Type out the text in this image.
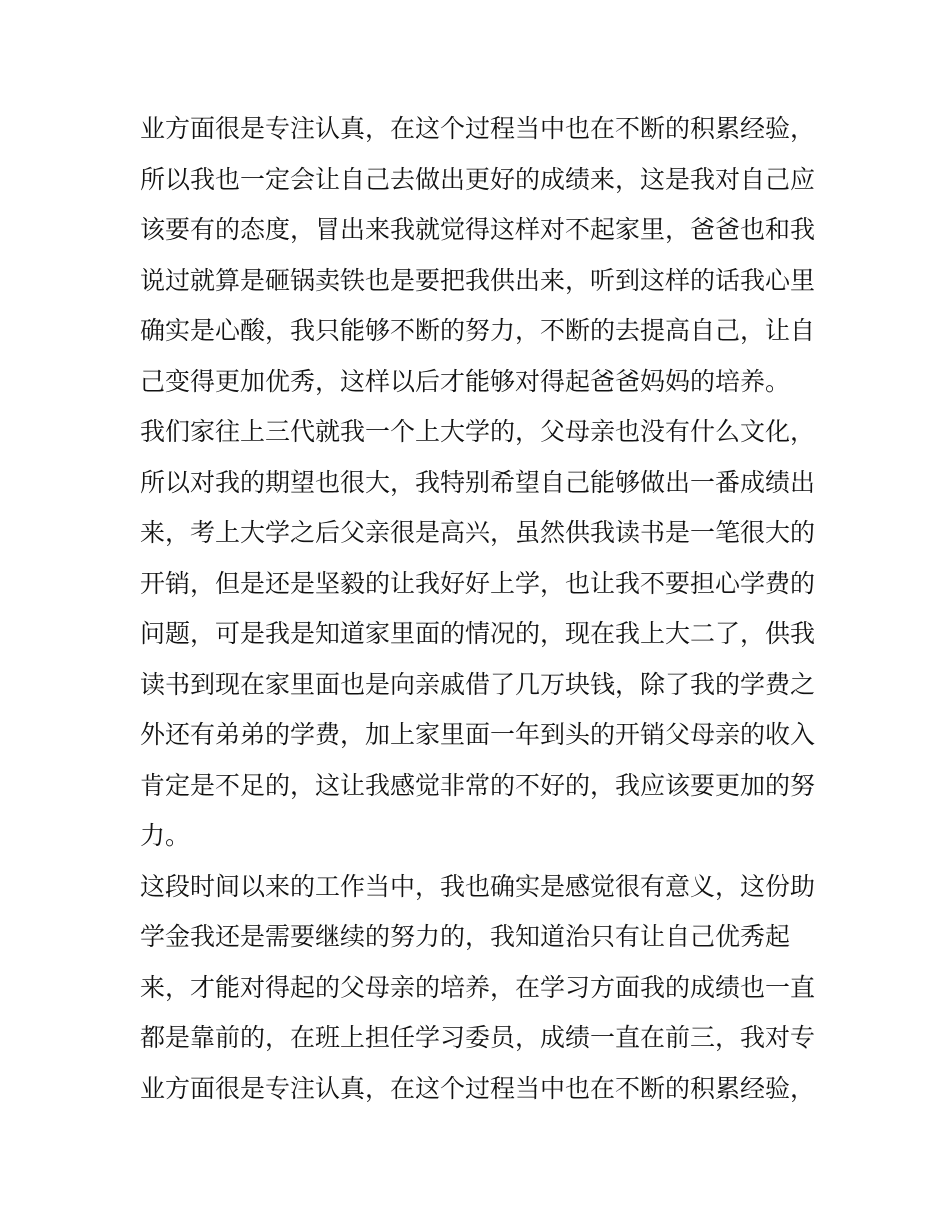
业方面很是专注认真，在这个过程当中也在不断的积累经验，
所以我也一定会让自己去做出更好的成绩来，这是我对自己应
该要有的态度，冒出来我就觉得这样对不起家里，爸爸也和我
说过就算是砸锅卖铁也是要把我供出来，听到这样的话我心里
确实是心酸，我只能够不断的努力，不断的去提高自己，让自
己变得更加优秀，这样以后才能够对得起爸爸妈妈的培养。
我们家往上三代就我一个上大学的，父母亲也没有什么文化，
所以对我的期望也很大，我特别希望自己能够做出一番成绩出
来，考上大学之后父亲很是高兴，虽然供我读书是一笔很大的
开销，但是还是坚毅的让我好好上学，也让我不要担心学费的
问题，可是我是知道家里面的情况的，现在我上大二了，供我
读书到现在家里面也是向亲戚借了几万块钱，除了我的学费之
外还有弟弟的学费，加上家里面一年到头的开销父母亲的收入
肯定是不足的，这让我感觉非常的不好的，我应该要更加的努
力。
这段时间以来的工作当中，我也确实是感觉很有意义，这份助
学金我还是需要继续的努力的，我知道治只有让自己优秀起
来，才能对得起的父母亲的培养，在学习方面我的成绩也一直
都是靠前的，在班上担任学习委员，成绩一直在前三，我对专
业方面很是专注认真，在这个过程当中也在不断的积累经验，
